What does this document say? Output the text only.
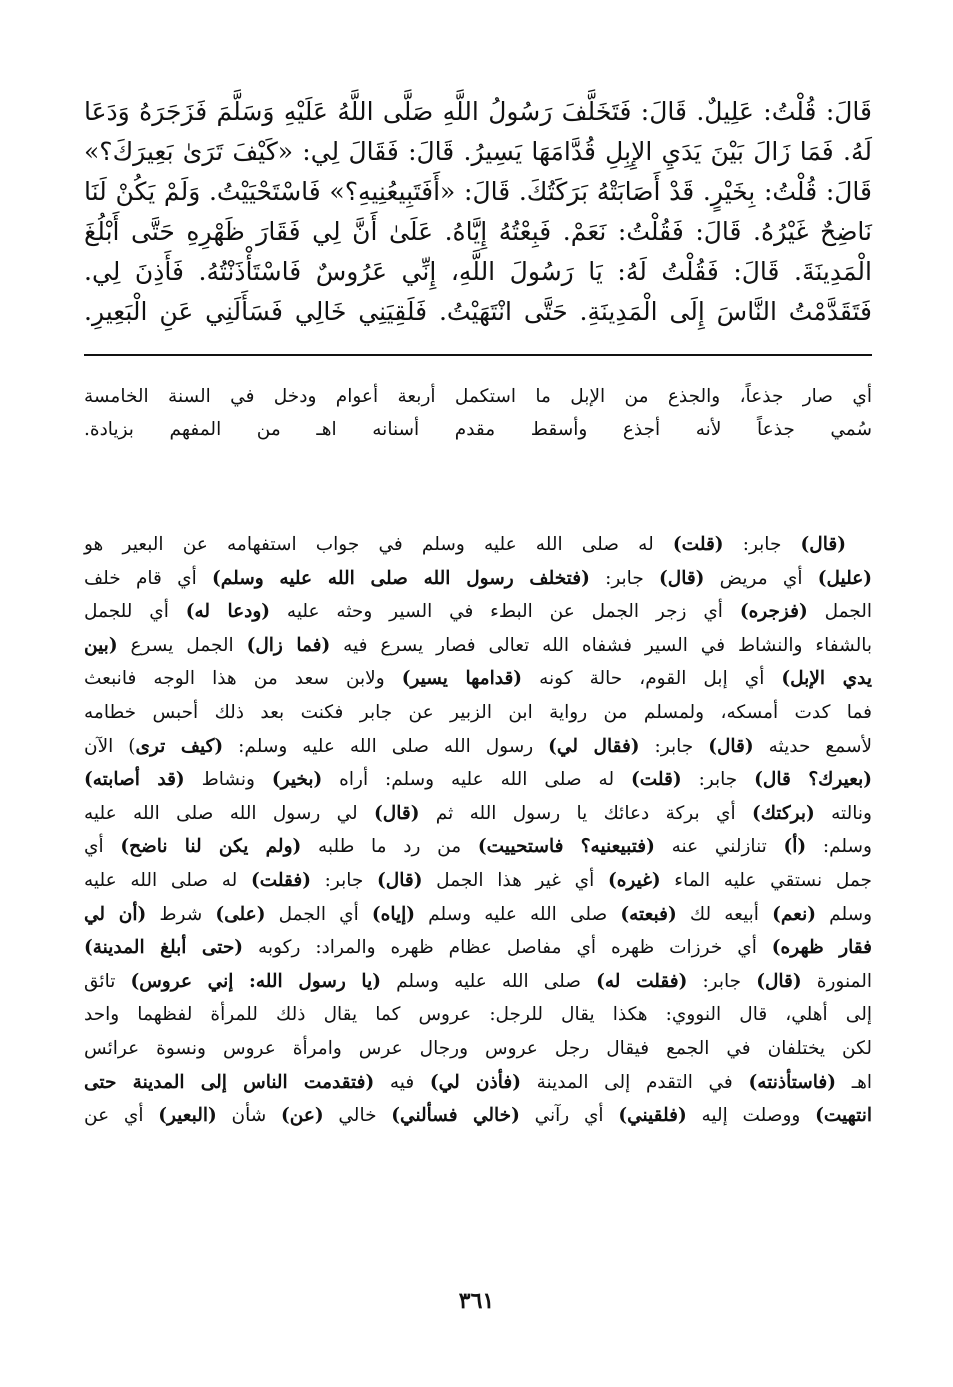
قَالَ: قُلْتُ: عَلِيلٌ. قَالَ: فَتَخَلَّفَ رَسُولُ اللَّهِ صَلَّى اللَّهُ عَلَيْهِ وَسَلَّمَ فَزَجَرَهُ وَدَعَا
لَهُ. فَمَا زَالَ بَيْنَ يَدَيِ الإِبِلِ قُدَّامَهَا يَسِيرُ. قَالَ: فَقَالَ لِي: «كَيْفَ تَرَىٰ بَعِيرَكَ؟»
قَالَ: قُلْتُ: بِخَيْرٍ. قَدْ أَصَابَتْهُ بَرَكَتُكَ. قَالَ: «أَفَتَبِيعُنِيهِ؟» فَاسْتَحْيَيْتُ. وَلَمْ يَكُنْ لَنَا
نَاضِحٌ غَيْرُهُ. قَالَ: فَقُلْتُ: نَعَمْ. فَبِعْتُهُ إِيَّاهُ. عَلَىٰ أَنَّ لِي فَقَارَ ظَهْرِهِ حَتَّى أَبْلُغَ
الْمَدِينَةَ. قَالَ: فَقُلْتُ لَهُ: يَا رَسُولَ اللَّهِ، إِنِّي عَرُوسٌ فَاسْتَأْذَنْتُهُ. فَأَذِنَ لِي.
فَتَقَدَّمْتُ النَّاسَ إِلَى الْمَدِينَةِ. حَتَّى انْتَهَيْتُ. فَلَقِيَنِي خَالِي فَسَأَلَنِي عَنِ الْبَعِيرِ.
أي صار جذعاً، والجذع من الإبل ما استكمل أربعة أعوام ودخل في السنة الخامسة
سُمي جذعاً لأنه أجذع وأسقط مقدم أسنانه اهـ من المفهم بزيادة.
(قال) جابر: (قلت) له صلى الله عليه وسلم في جواب استفهامه عن البعير هو
(عليل) أي مريض (قال) جابر: (فتخلف رسول الله صلى الله عليه وسلم) أي قام خلف
الجمل (فزجره) أي زجر الجمل عن البطء في السير وحثه عليه (ودعا له) أي للجمل
بالشفاء والنشاط في السير فشفاه الله تعالى فصار يسرع فيه (فما زال) الجمل يسرع (بين
يدي الإبل) أي إبل القوم، حالة كونه (قدامها يسير) ولابن سعد من هذا الوجه فانبعث
فما كدت أمسكه، ولمسلم من رواية ابن الزبير عن جابر فكنت بعد ذلك أحبس خطامه
لأسمع حديثه (قال) جابر: (فقال لي) رسول الله صلى الله عليه وسلم: (كيف ترى) الآن
(بعيرك؟ قال) جابر: (قلت) له صلى الله عليه وسلم: أراه (بخير) ونشاط (قد أصابته)
ونالته (بركتك) أي بركة دعائك يا رسول الله ثم (قال) لي رسول الله صلى الله عليه
وسلم: (أ) تنازلني عنه (فتبيعنيه؟ فاستحييت) من رد ما طلبه (ولم يكن لنا ناضح) أي
جمل نستقي عليه الماء (غيره) أي غير هذا الجمل (قال) جابر: (فقلت) له صلى الله عليه
وسلم (نعم) أبيعه لك (فبعته) صلى الله عليه وسلم (إياه) أي الجمل (على) شرط (أن لي
فقار ظهره) أي خرزات ظهره أي مفاصل عظام ظهره والمراد: ركوبه (حتى أبلغ المدينة)
المنورة (قال) جابر: (فقلت له) صلى الله عليه وسلم (يا رسول الله: إني عروس) تائق
إلى أهلي، قال النووي: هكذا يقال للرجل: عروس كما يقال ذلك للمرأة لفظهما واحد
لكن يختلفان في الجمع فيقال رجل عروس ورجال عرس وامرأة عروس ونسوة عرائس
اهـ (فاستأذنته) في التقدم إلى المدينة (فأذن لي) فيه (فتقدمت الناس إلى المدينة حتى
انتهيت) ووصلت إليه (فلقيني) أي رآني (خالي فسألني) خالي (عن) شأن (البعير) أي عن
٣٦١
